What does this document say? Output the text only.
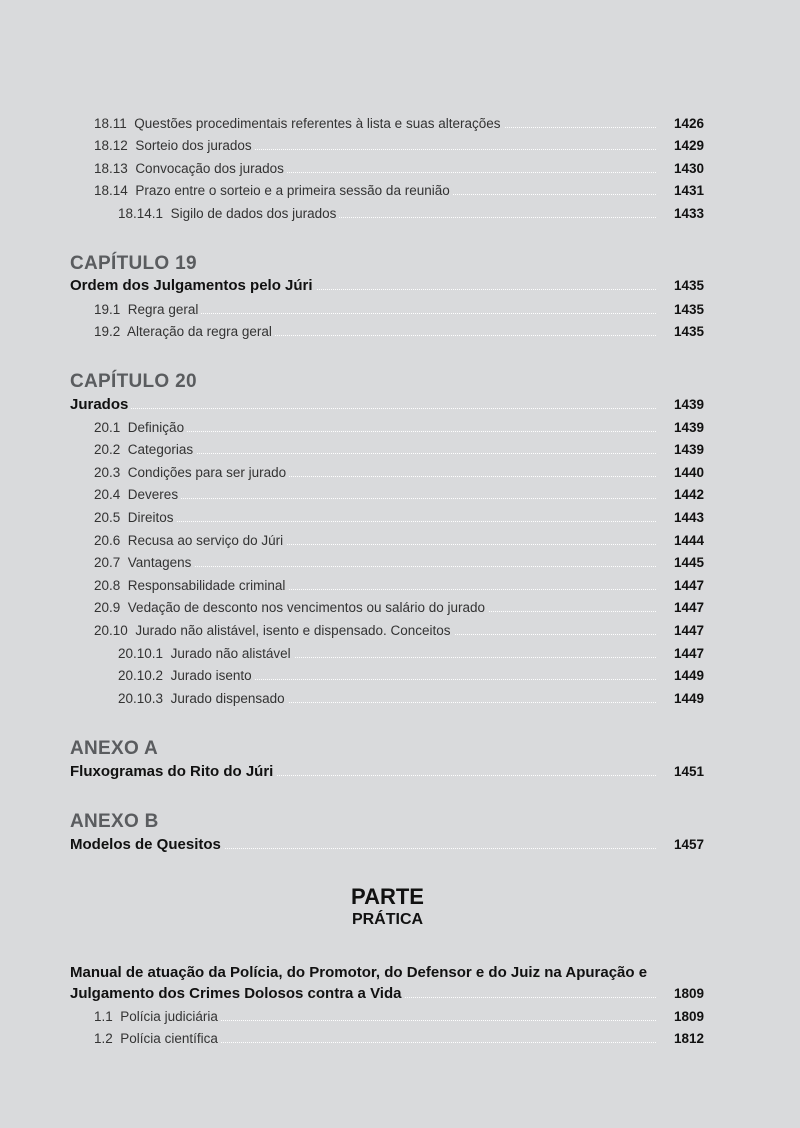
18.11 Questões procedimentais referentes à lista e suas alterações	1426
18.12 Sorteio dos jurados	1429
18.13 Convocação dos jurados	1430
18.14 Prazo entre o sorteio e a primeira sessão da reunião	1431
18.14.1 Sigilo de dados dos jurados	1433
CAPÍTULO 19
Ordem dos Julgamentos pelo Júri	1435
19.1 Regra geral	1435
19.2 Alteração da regra geral	1435
CAPÍTULO 20
Jurados	1439
20.1 Definição	1439
20.2 Categorias	1439
20.3 Condições para ser jurado	1440
20.4 Deveres	1442
20.5 Direitos	1443
20.6 Recusa ao serviço do Júri	1444
20.7 Vantagens	1445
20.8 Responsabilidade criminal	1447
20.9 Vedação de desconto nos vencimentos ou salário do jurado	1447
20.10 Jurado não alistável, isento e dispensado. Conceitos	1447
20.10.1 Jurado não alistável	1447
20.10.2 Jurado isento	1449
20.10.3 Jurado dispensado	1449
ANEXO A
Fluxogramas do Rito do Júri	1451
ANEXO B
Modelos de Quesitos	1457
PARTE
PRÁTICA
Manual de atuação da Polícia, do Promotor, do Defensor e do Juiz na Apuração e
Julgamento dos Crimes Dolosos contra a Vida	1809
1.1 Polícia judiciária	1809
1.2 Polícia científica	1812
